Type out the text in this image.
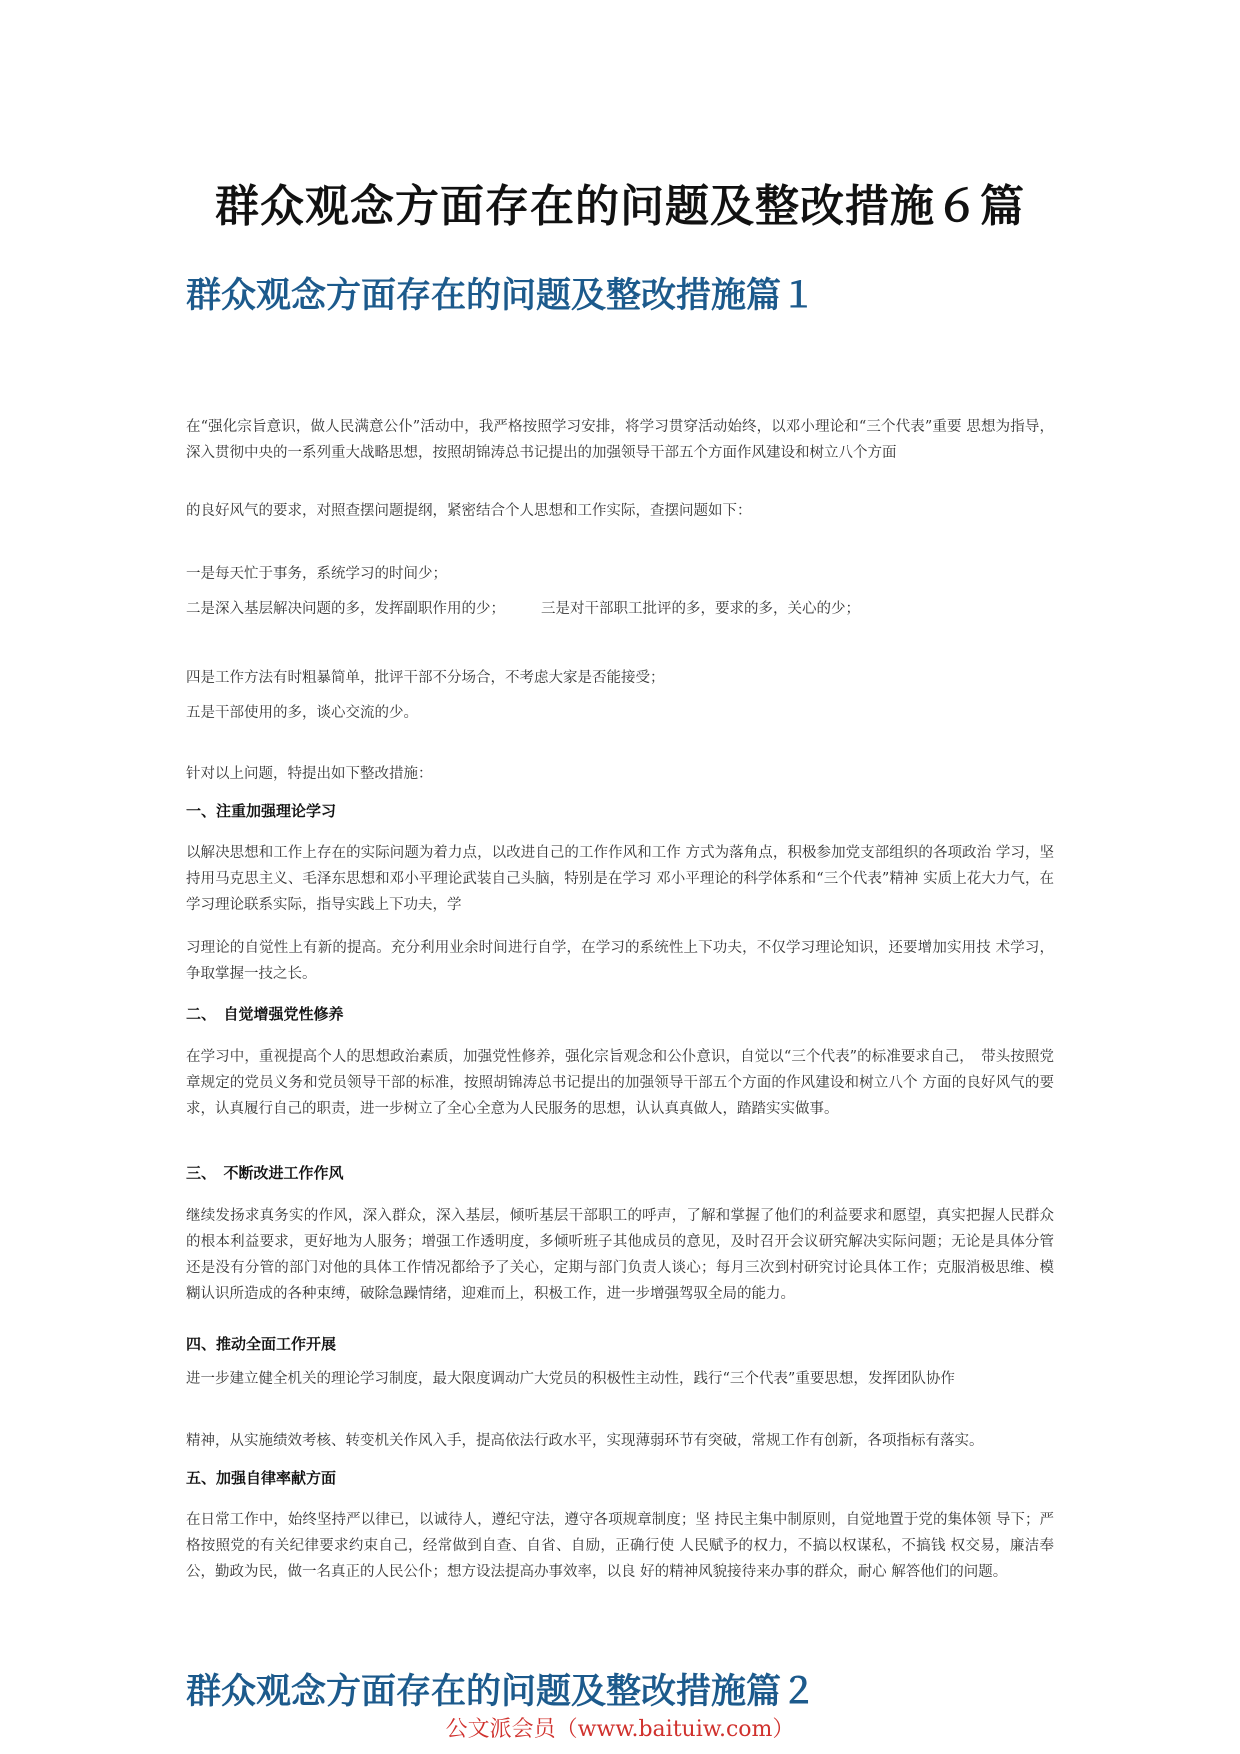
群众观念方面存在的问题及整改措施６篇
群众观念方面存在的问题及整改措施篇１
在“强化宗旨意识，做人民满意公仆”活动中，我严格按照学习安排，将学习贯穿活动始终，以邓小理论和“三个代表”重要 思想为指导，深入贯彻中央的一系列重大战略思想，按照胡锦涛总书记提出的加强领导干部五个方面作风建设和树立八个方面
的良好风气的要求，对照查摆问题提纲，紧密结合个人思想和工作实际，查摆问题如下：
一是每天忙于事务，系统学习的时间少；
二是深入基层解决问题的多，发挥副职作用的少； 三是对干部职工批评的多，要求的多，关心的少；
四是工作方法有时粗暴简单，批评干部不分场合，不考虑大家是否能接受；
五是干部使用的多，谈心交流的少。
针对以上问题，特提出如下整改措施：
一、注重加强理论学习
以解决思想和工作上存在的实际问题为着力点，以改进自己的工作作风和工作 方式为落角点，积极参加党支部组织的各项政治 学习，坚持用马克思主义、毛泽东思想和邓小平理论武装自己头脑，特别是在学习 邓小平理论的科学体系和“三个代表”精神 实质上花大力气，在学习理论联系实际，指导实践上下功夫，学
习理论的自觉性上有新的提高。充分利用业余时间进行自学，在学习的系统性上下功夫，不仅学习理论知识，还要增加实用技 术学习，争取掌握一技之长。
二、　自觉增强党性修养
在学习中，重视提高个人的思想政治素质，加强党性修养，强化宗旨观念和公仆意识，自觉以“三个代表”的标准要求自己，　带头按照党章规定的党员义务和党员领导干部的标准，按照胡锦涛总书记提出的加强领导干部五个方面的作风建设和树立八个 方面的良好风气的要求，认真履行自己的职责，进一步树立了全心全意为人民服务的思想，认认真真做人，踏踏实实做事。
三、　不断改进工作作风
继续发扬求真务实的作风，深入群众，深入基层，倾听基层干部职工的呼声，了解和掌握了他们的利益要求和愿望，真实把握人民群众的根本利益要求，更好地为人服务；增强工作透明度，多倾听班子其他成员的意见，及时召开会议研究解决实际问题；无论是具体分管还是没有分管的部门对他的具体工作情况都给予了关心，定期与部门负责人谈心；每月三次到村研究讨论具体工作；克服消极思维、模糊认识所造成的各种束缚，破除急躁情绪，迎难而上，积极工作，进一步增强驾驭全局的能力。
四、推动全面工作开展
进一步建立健全机关的理论学习制度，最大限度调动广大党员的积极性主动性，践行“三个代表”重要思想，发挥团队协作
精神，从实施绩效考核、转变机关作风入手，提高依法行政水平，实现薄弱环节有突破，常规工作有创新，各项指标有落实。
五、加强自律率献方面
在日常工作中，始终坚持严以律已，以诚待人，遵纪守法，遵守各项规章制度；坚 持民主集中制原则，自觉地置于党的集体领 导下；严格按照党的有关纪律要求约束自己，经常做到自查、自省、自励，正确行使 人民赋予的权力，不搞以权谋私，不搞钱 权交易，廉洁奉公，勤政为民，做一名真正的人民公仆；想方设法提高办事效率，以良 好的精神风貌接待来办事的群众，耐心 解答他们的问题。
群众观念方面存在的问题及整改措施篇２
公文派会员（www.baituiw.com）
